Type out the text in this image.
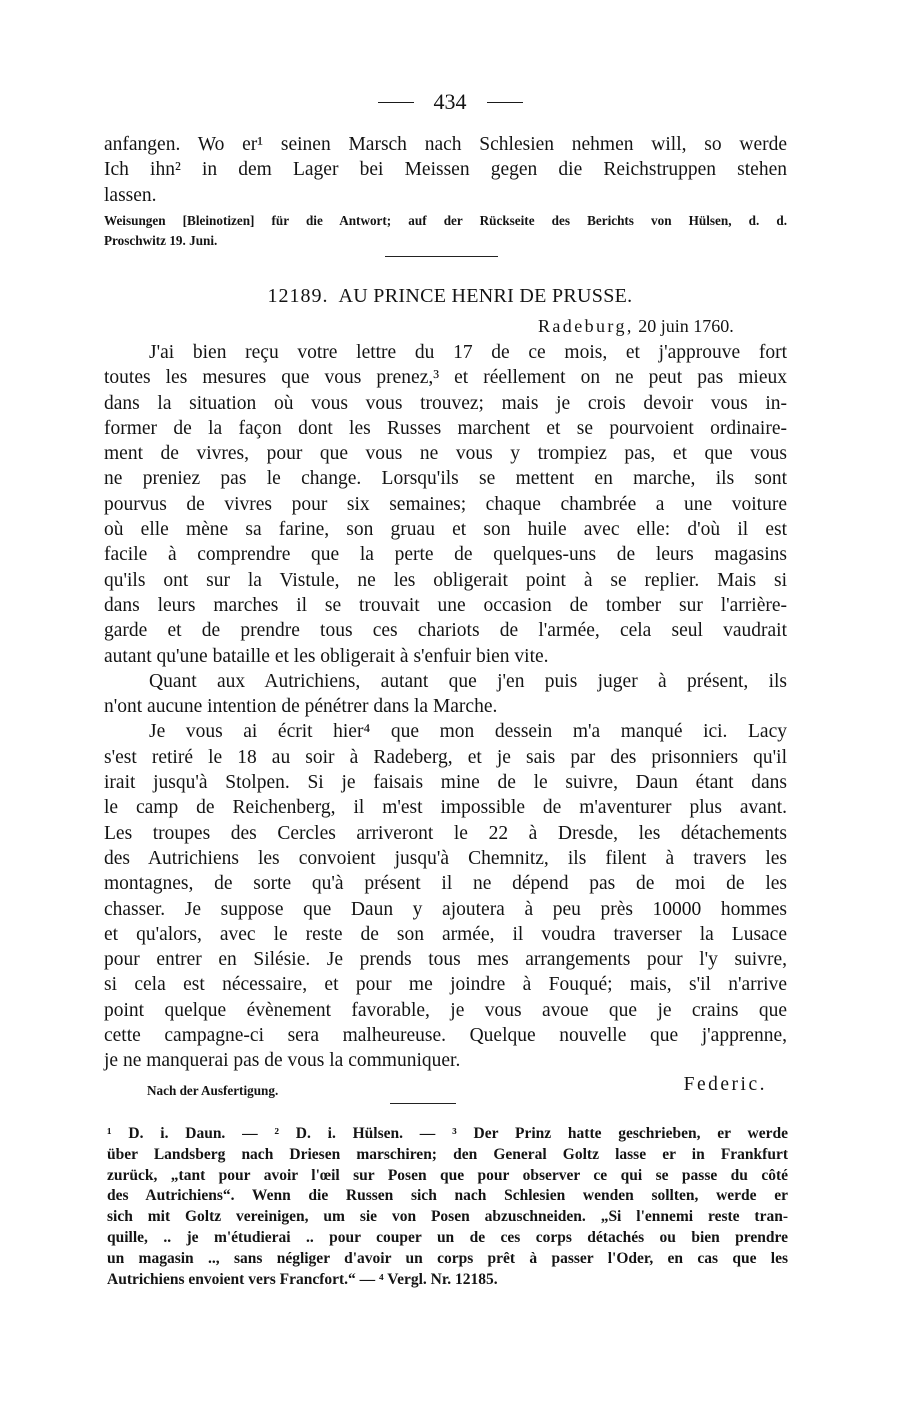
434
anfangen. Wo er¹ seinen Marsch nach Schlesien nehmen will, so werde
Ich ihn² in dem Lager bei Meissen gegen die Reichstruppen stehen
lassen.
Weisungen [Bleinotizen] für die Antwort; auf der Rückseite des Berichts von Hülsen, d. d.
Proschwitz 19. Juni.
12189. AU PRINCE HENRI DE PRUSSE.
Radeburg, 20 juin 1760.
J'ai bien reçu votre lettre du 17 de ce mois, et j'approuve fort
toutes les mesures que vous prenez,³ et réellement on ne peut pas mieux
dans la situation où vous vous trouvez; mais je crois devoir vous in-
former de la façon dont les Russes marchent et se pourvoient ordinaire-
ment de vivres, pour que vous ne vous y trompiez pas, et que vous
ne preniez pas le change. Lorsqu'ils se mettent en marche, ils sont
pourvus de vivres pour six semaines; chaque chambrée a une voiture
où elle mène sa farine, son gruau et son huile avec elle: d'où il est
facile à comprendre que la perte de quelques-uns de leurs magasins
qu'ils ont sur la Vistule, ne les obligerait point à se replier. Mais si
dans leurs marches il se trouvait une occasion de tomber sur l'arrière-
garde et de prendre tous ces chariots de l'armée, cela seul vaudrait
autant qu'une bataille et les obligerait à s'enfuir bien vite.
Quant aux Autrichiens, autant que j'en puis juger à présent, ils
n'ont aucune intention de pénétrer dans la Marche.
Je vous ai écrit hier⁴ que mon dessein m'a manqué ici. Lacy
s'est retiré le 18 au soir à Radeberg, et je sais par des prisonniers qu'il
irait jusqu'à Stolpen. Si je faisais mine de le suivre, Daun étant dans
le camp de Reichenberg, il m'est impossible de m'aventurer plus avant.
Les troupes des Cercles arriveront le 22 à Dresde, les détachements
des Autrichiens les convoient jusqu'à Chemnitz, ils filent à travers les
montagnes, de sorte qu'à présent il ne dépend pas de moi de les
chasser. Je suppose que Daun y ajoutera à peu près 10000 hommes
et qu'alors, avec le reste de son armée, il voudra traverser la Lusace
pour entrer en Silésie. Je prends tous mes arrangements pour l'y suivre,
si cela est nécessaire, et pour me joindre à Fouqué; mais, s'il n'arrive
point quelque évènement favorable, je vous avoue que je crains que
cette campagne-ci sera malheureuse. Quelque nouvelle que j'apprenne,
je ne manquerai pas de vous la communiquer.
Nach der Ausfertigung.	Federic.
¹ D. i. Daun. — ² D. i. Hülsen. — ³ Der Prinz hatte geschrieben, er werde
über Landsberg nach Driesen marschiren; den General Goltz lasse er in Frankfurt
zurück, „tant pour avoir l'œil sur Posen que pour observer ce qui se passe du côté
des Autrichiens“. Wenn die Russen sich nach Schlesien wenden sollten, werde er
sich mit Goltz vereinigen, um sie von Posen abzuschneiden. „Si l'ennemi reste tran-
quille, .. je m'étudierai .. pour couper un de ces corps détachés ou bien prendre
un magasin .., sans négliger d'avoir un corps prêt à passer l'Oder, en cas que les
Autrichiens envoient vers Francfort.“ — ⁴ Vergl. Nr. 12185.
